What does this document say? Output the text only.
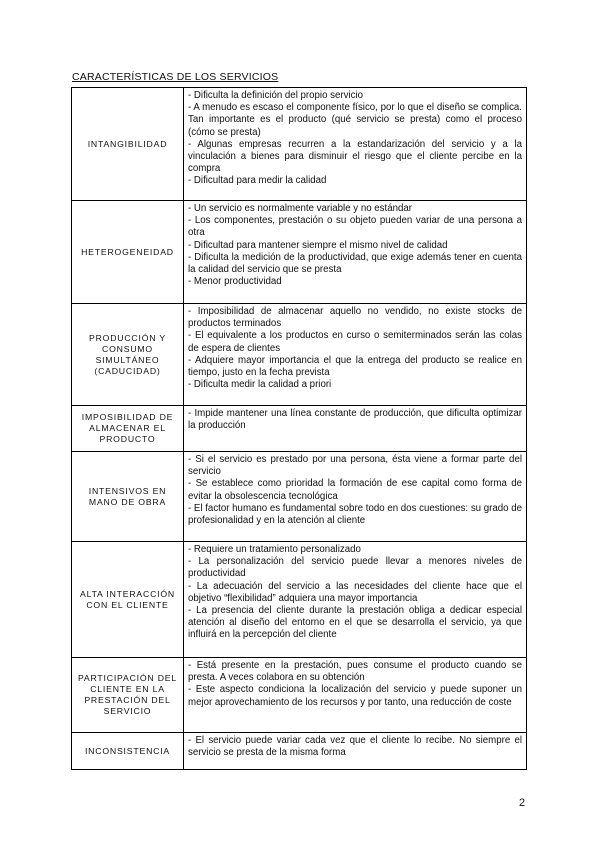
CARACTERÍSTICAS DE LOS SERVICIOS
INTANGIBILIDAD	- Dificulta la definición del propio servicio
- A menudo es escaso el componente físico, por lo que el diseño se complica. Tan importante es el producto (qué servicio se presta) como el proceso (cómo se presta)
- Algunas empresas recurren a la estandarización del servicio y a la vinculación a bienes para disminuir el riesgo que el cliente percibe en la compra
- Dificultad para medir la calidad

HETEROGENEIDAD	- Un servicio es normalmente variable y no estándar
- Los componentes, prestación o su objeto pueden variar de una persona a otra
- Dificultad para mantener siempre el mismo nivel de calidad
- Dificulta la medición de la productividad, que exige además tener en cuenta la calidad del servicio que se presta
- Menor productividad

PRODUCCIÓN Y CONSUMO SIMULTÁNEO (CADUCIDAD)	- Imposibilidad de almacenar aquello no vendido, no existe stocks de productos terminados
- El equivalente a los productos en curso o semiterminados serán las colas de espera de clientes
- Adquiere mayor importancia el que la entrega del producto se realice en tiempo, justo en la fecha prevista
- Dificulta medir la calidad a priori

IMPOSIBILIDAD DE ALMACENAR EL PRODUCTO	- Impide mantener una línea constante de producción, que dificulta optimizar la producción

INTENSIVOS EN MANO DE OBRA	- Si el servicio es prestado por una persona, ésta viene a formar parte del servicio
- Se establece como prioridad la formación de ese capital como forma de evitar la obsolescencia tecnológica
- El factor humano es fundamental sobre todo en dos cuestiones: su grado de profesionalidad y en la atención al cliente

ALTA INTERACCIÓN CON EL CLIENTE	- Requiere un tratamiento personalizado
- La personalización del servicio puede llevar a menores niveles de productividad
- La adecuación del servicio a las necesidades del cliente hace que el objetivo “flexibilidad” adquiera una mayor importancia
- La presencia del cliente durante la prestación obliga a dedicar especial atención al diseño del entorno en el que se desarrolla el servicio, ya que influirá en la percepción del cliente

PARTICIPACIÓN DEL CLIENTE EN LA PRESTACIÓN DEL SERVICIO	- Está presente en la prestación, pues consume el producto cuando se presta. A veces colabora en su obtención
- Este aspecto condiciona la localización del servicio y puede suponer un mejor aprovechamiento de los recursos y por tanto, una reducción de coste

INCONSISTENCIA	- El servicio puede variar cada vez que el cliente lo recibe. No siempre el servicio se presta de la misma forma
2
